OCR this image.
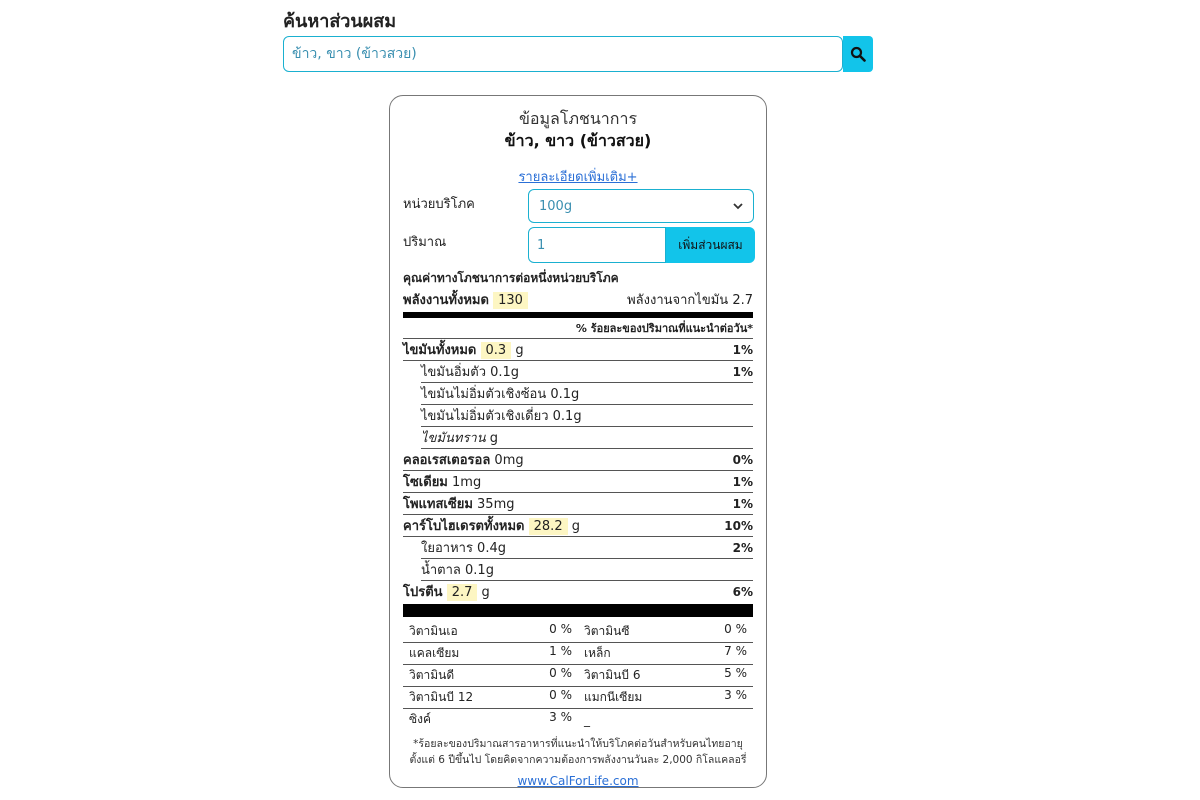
ค้นหาส่วนผสม
ข้าว, ขาว (ข้าวสวย)
ข้อมูลโภชนาการ
ข้าว, ขาว (ข้าวสวย)
รายละเอียดเพิ่มเติม+
หน่วยบริโภค	100g
ปริมาณ
1	เพิ่มส่วนผสม
คุณค่าทางโภชนาการต่อหนึ่งหน่วยบริโภค
พลังงานทั้งหมด 130	พลังงานจากไขมัน 2.7
% ร้อยละของปริมาณที่แนะนำต่อวัน*
ไขมันทั้งหมด 0.3 g	1%
ไขมันอิ่มตัว 0.1g	1%
ไขมันไม่อิ่มตัวเชิงซ้อน 0.1g
ไขมันไม่อิ่มตัวเชิงเดี่ยว 0.1g
ไขมันทราน g
คลอเรสเตอรอล 0mg	0%
โซเดียม 1mg	1%
โพแทสเซียม 35mg	1%
คาร์โบไฮเดรตทั้งหมด 28.2 g	10%
ใยอาหาร 0.4g	2%
น้ำตาล 0.1g
โปรตีน 2.7 g	6%
วิตามินเอ	0 % วิตามินซี	0 %
แคลเซียม	1 % เหล็ก	7 %
วิตามินดี	0 % วิตามินบี 6	5 %
วิตามินบี 12	0 % แมกนีเซียม	3 %
ซิงค์	3 % _
*ร้อยละของปริมาณสารอาหารที่แนะนำให้บริโภคต่อวันสำหรับคนไทยอายุตั้งแต่ 6 ปีขึ้นไป โดยคิดจากความต้องการพลังงานวันละ 2,000 กิโลแคลอรี่
www.CalForLife.com
